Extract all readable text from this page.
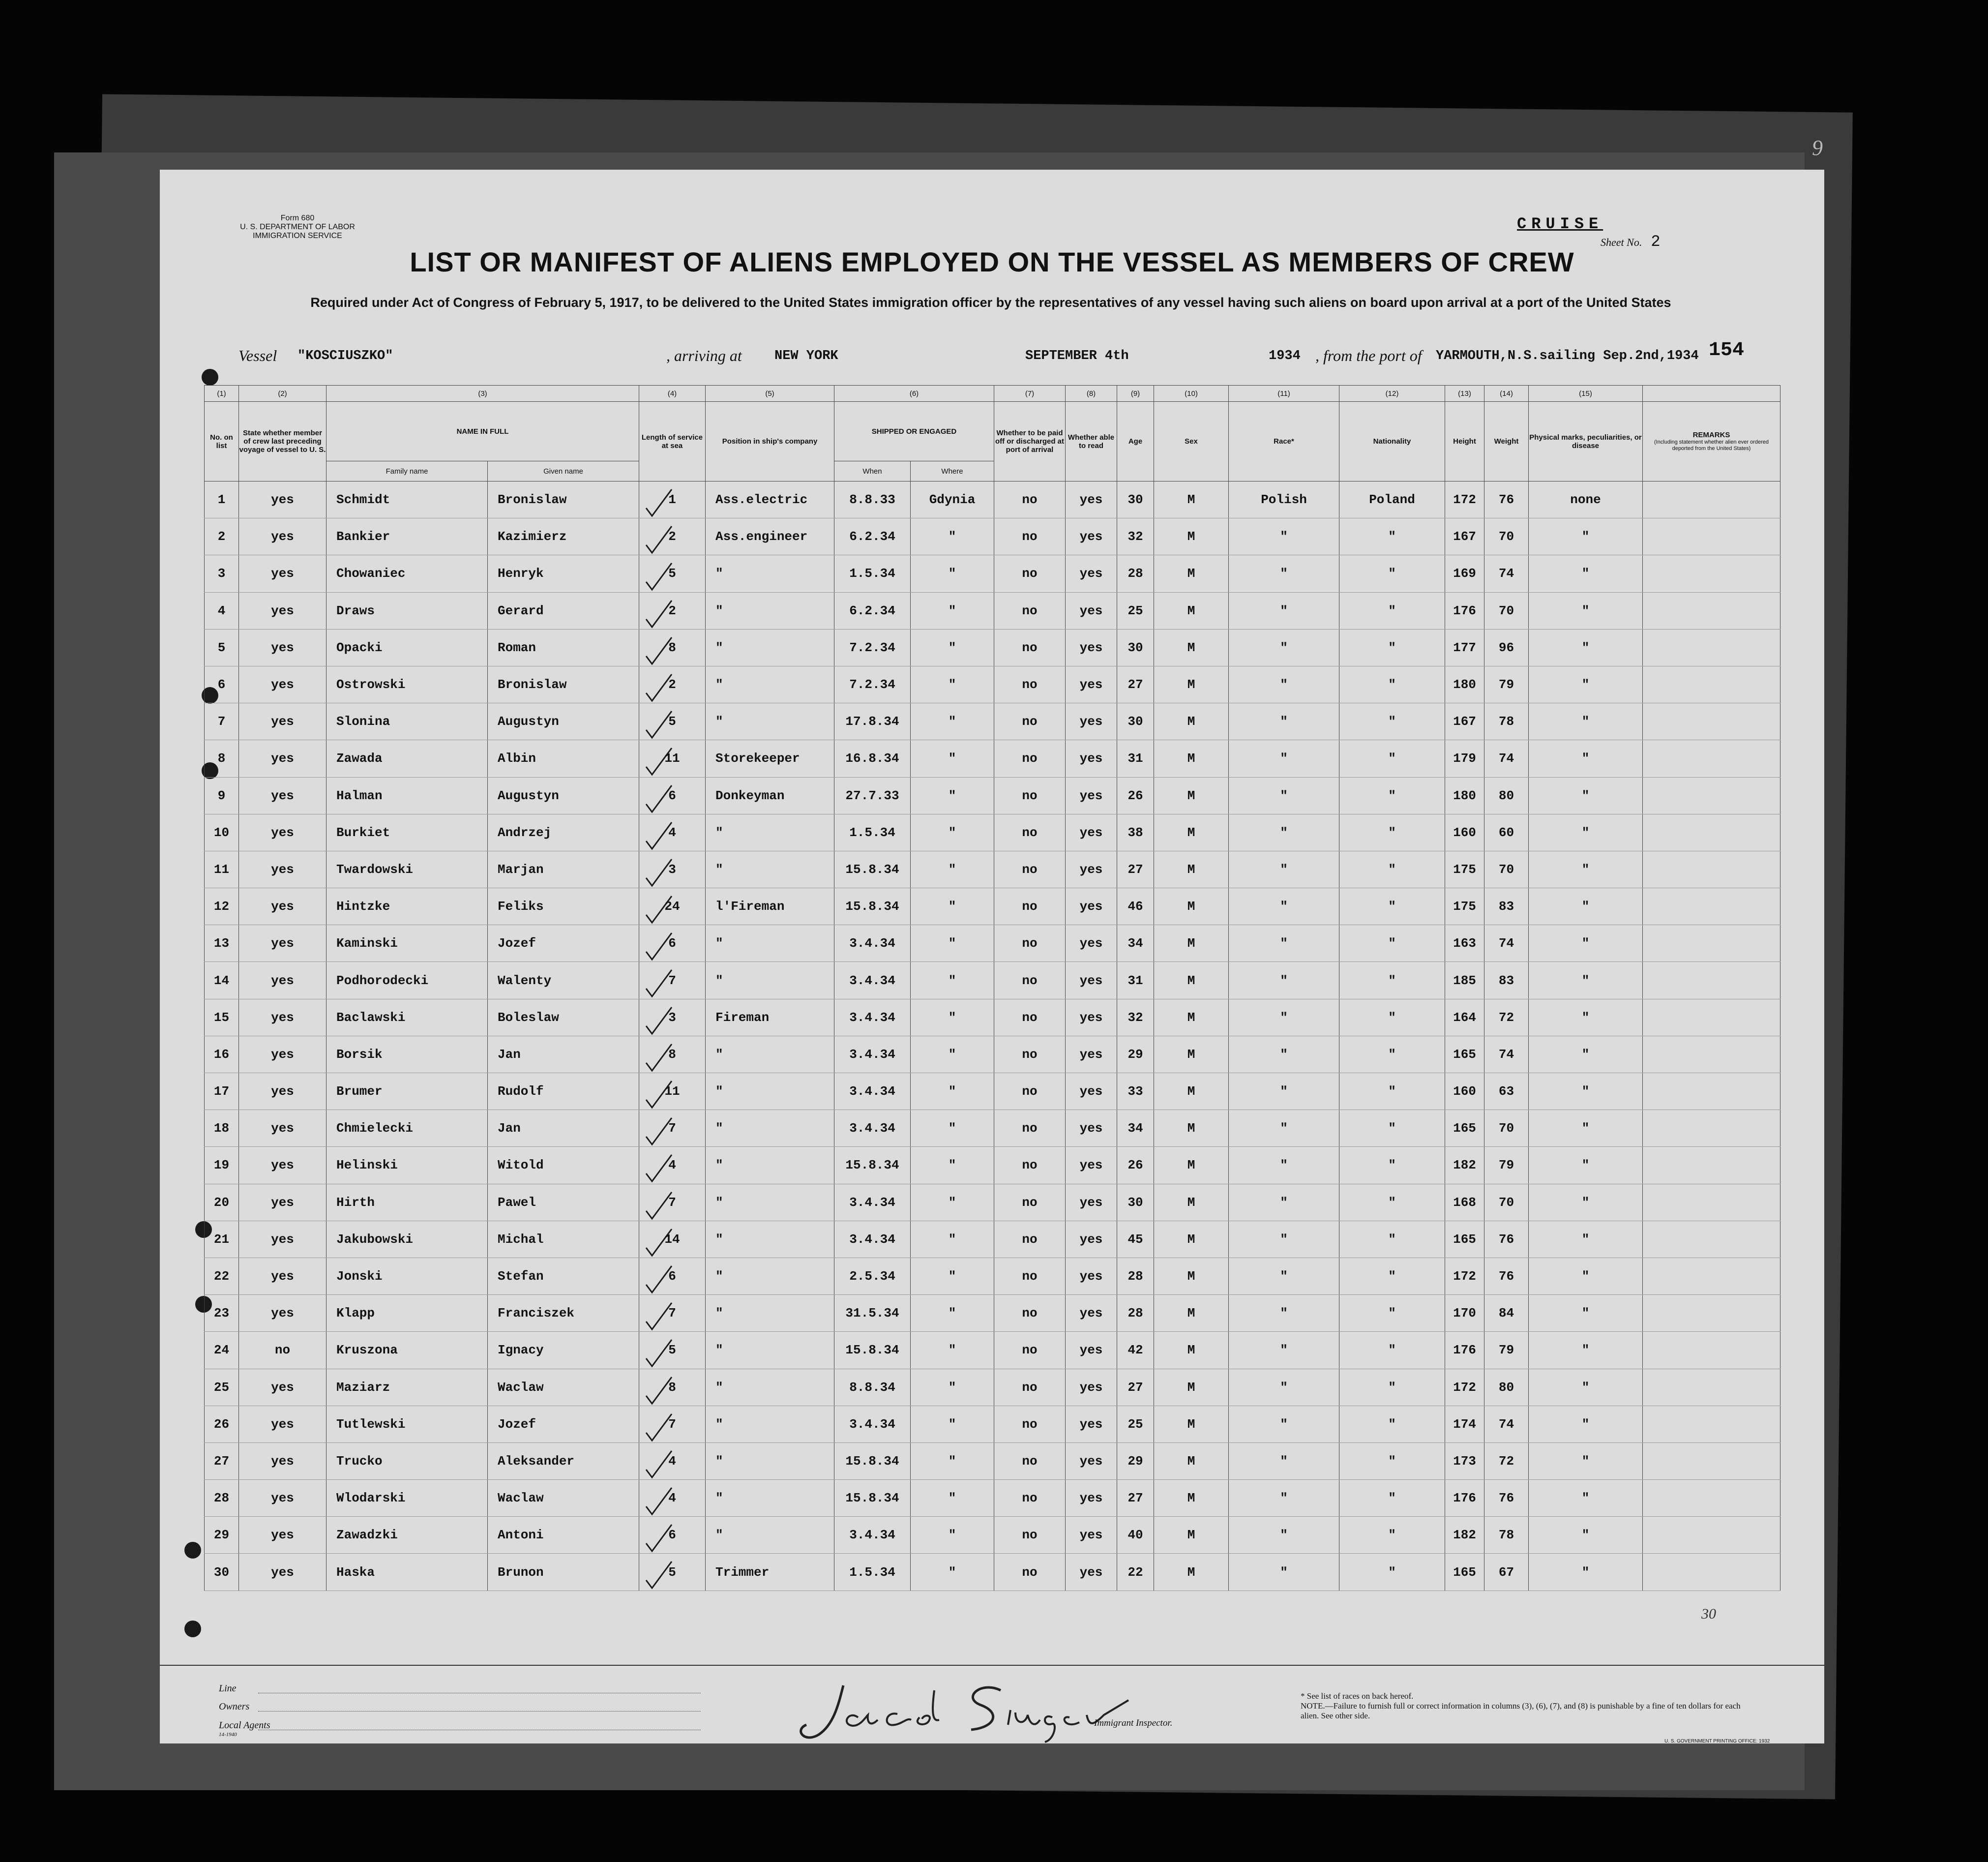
9
Form 680
U. S. DEPARTMENT OF LABOR
IMMIGRATION SERVICE
CRUISE
Sheet No. 2
LIST OR MANIFEST OF ALIENS EMPLOYED ON THE VESSEL AS MEMBERS OF CREW
Required under Act of Congress of February 5, 1917, to be delivered to the United States immigration officer by the representatives of any vessel having such aliens on board upon arrival at a port of the United States
Vessel "KOSCIUSZKO"	, arriving at NEW YORK	SEPTEMBER 4th	1934 , from the port of YARMOUTH,N.S.sailing Sep.2nd,1934 154
(1)	(2)	(3)		(4)	(5)	(6)		(7)	(8)	(9)	(10)	(11)	(12)	(13)	(14)	(15)	
No. on list	State whether member of crew last preceding voyage of vessel to U. S.	NAME IN FULL		Length of service at sea	Position in ship's company	SHIPPED OR ENGAGED		Whether to be paid off or discharged at port of arrival	Whether able to read	Age	Sex	Race*	Nationality	Height	Weight	Physical marks, peculiarities, or disease	REMARKS
(Including statement whether alien ever ordered deported from the United States)

		Family name	Given name			When	Where										
1	yes	Schmidt	Bronislaw	1	Ass.electric	8.8.33	Gdynia	no	yes	30	M	Polish	Poland	172	76	none	
2	yes	Bankier	Kazimierz	2	Ass.engineer	6.2.34	"	no	yes	32	M	"	"	167	70	"	
3	yes	Chowaniec	Henryk	5	"	1.5.34	"	no	yes	28	M	"	"	169	74	"	
4	yes	Draws	Gerard	2	"	6.2.34	"	no	yes	25	M	"	"	176	70	"	
5	yes	Opacki	Roman	8	"	7.2.34	"	no	yes	30	M	"	"	177	96	"	
6	yes	Ostrowski	Bronislaw	2	"	7.2.34	"	no	yes	27	M	"	"	180	79	"	
7	yes	Slonina	Augustyn	5	"	17.8.34	"	no	yes	30	M	"	"	167	78	"	
8	yes	Zawada	Albin	11	Storekeeper	16.8.34	"	no	yes	31	M	"	"	179	74	"	
9	yes	Halman	Augustyn	6	Donkeyman	27.7.33	"	no	yes	26	M	"	"	180	80	"	
10	yes	Burkiet	Andrzej	4	"	1.5.34	"	no	yes	38	M	"	"	160	60	"	
11	yes	Twardowski	Marjan	3	"	15.8.34	"	no	yes	27	M	"	"	175	70	"	
12	yes	Hintzke	Feliks	24	l'Fireman	15.8.34	"	no	yes	46	M	"	"	175	83	"	
13	yes	Kaminski	Jozef	6	"	3.4.34	"	no	yes	34	M	"	"	163	74	"	
14	yes	Podhorodecki	Walenty	7	"	3.4.34	"	no	yes	31	M	"	"	185	83	"	
15	yes	Baclawski	Boleslaw	3	Fireman	3.4.34	"	no	yes	32	M	"	"	164	72	"	
16	yes	Borsik	Jan	8	"	3.4.34	"	no	yes	29	M	"	"	165	74	"	
17	yes	Brumer	Rudolf	11	"	3.4.34	"	no	yes	33	M	"	"	160	63	"	
18	yes	Chmielecki	Jan	7	"	3.4.34	"	no	yes	34	M	"	"	165	70	"	
19	yes	Helinski	Witold	4	"	15.8.34	"	no	yes	26	M	"	"	182	79	"	
20	yes	Hirth	Pawel	7	"	3.4.34	"	no	yes	30	M	"	"	168	70	"	
21	yes	Jakubowski	Michal	14	"	3.4.34	"	no	yes	45	M	"	"	165	76	"	
22	yes	Jonski	Stefan	6	"	2.5.34	"	no	yes	28	M	"	"	172	76	"	
23	yes	Klapp	Franciszek	7	"	31.5.34	"	no	yes	28	M	"	"	170	84	"	
24	no	Kruszona	Ignacy	5	"	15.8.34	"	no	yes	42	M	"	"	176	79	"	
25	yes	Maziarz	Waclaw	8	"	8.8.34	"	no	yes	27	M	"	"	172	80	"	
26	yes	Tutlewski	Jozef	7	"	3.4.34	"	no	yes	25	M	"	"	174	74	"	
27	yes	Trucko	Aleksander	4	"	15.8.34	"	no	yes	29	M	"	"	173	72	"	
28	yes	Wlodarski	Waclaw	4	"	15.8.34	"	no	yes	27	M	"	"	176	76	"	
29	yes	Zawadzki	Antoni	6	"	3.4.34	"	no	yes	40	M	"	"	182	78	"	
30	yes	Haska	Brunon	5	Trimmer	1.5.34	"	no	yes	22	M	"	"	165	67	"	
30
Line
Owners
Local Agents
14-1940
Immigrant Inspector.
* See list of races on back hereof.
NOTE.—Failure to furnish full or correct information in columns (3), (6), (7), and (8) is punishable by a fine of ten dollars for each alien. See other side.
U. S. GOVERNMENT PRINTING OFFICE: 1932
